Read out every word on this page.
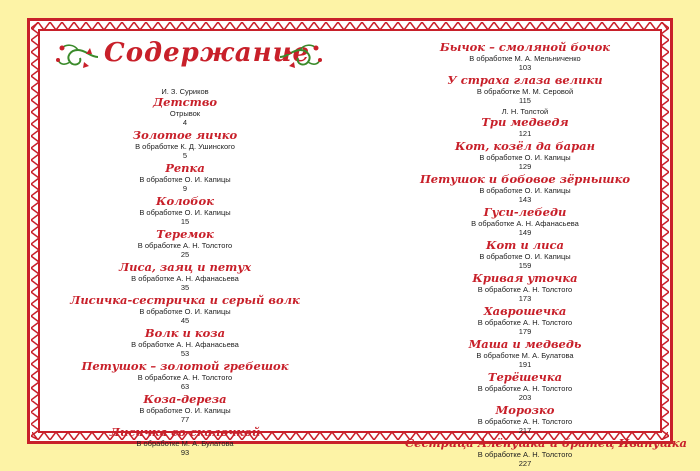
Содержание
И. З. Суриков
Детство
Отрывок
4
Золотое яичко
В обработке К. Д. Ушинского
5
Репка
В обработке О. И. Капицы
9
Колобок
В обработке О. И. Капицы
15
Теремок
В обработке А. Н. Толстого
25
Лиса, заяц и петух
В обработке А. Н. Афанасьева
35
Лисичка-сестричка и серый волк
В обработке О. И. Капицы
45
Волк и коза
В обработке А. Н. Афанасьева
53
Петушок – золотой гребешок
В обработке А. Н. Толстого
63
Коза-дереза
В обработке О. И. Капицы
77
Лисичка со скалочкой
В обработке М. А. Булатова
93
Бычок – смоляной бочок
В обработке М. А. Мельниченко
103
У страха глаза велики
В обработке М. М. Серовой
115
Л. Н. Толстой
Три медведя
121
Кот, козёл да баран
В обработке О. И. Капицы
129
Петушок и бобовое зёрнышко
В обработке О. И. Капицы
143
Гуси-лебеди
В обработке А. Н. Афанасьева
149
Кот и лиса
В обработке О. И. Капицы
159
Кривая уточка
В обработке А. Н. Толстого
173
Хаврошечка
В обработке А. Н. Толстого
179
Маша и медведь
В обработке М. А. Булатова
191
Терёшечка
В обработке А. Н. Толстого
203
Морозко
В обработке А. Н. Толстого
217
Сестрица Алёнушка и братец Иванушка
В обработке А. Н. Толстого
227
